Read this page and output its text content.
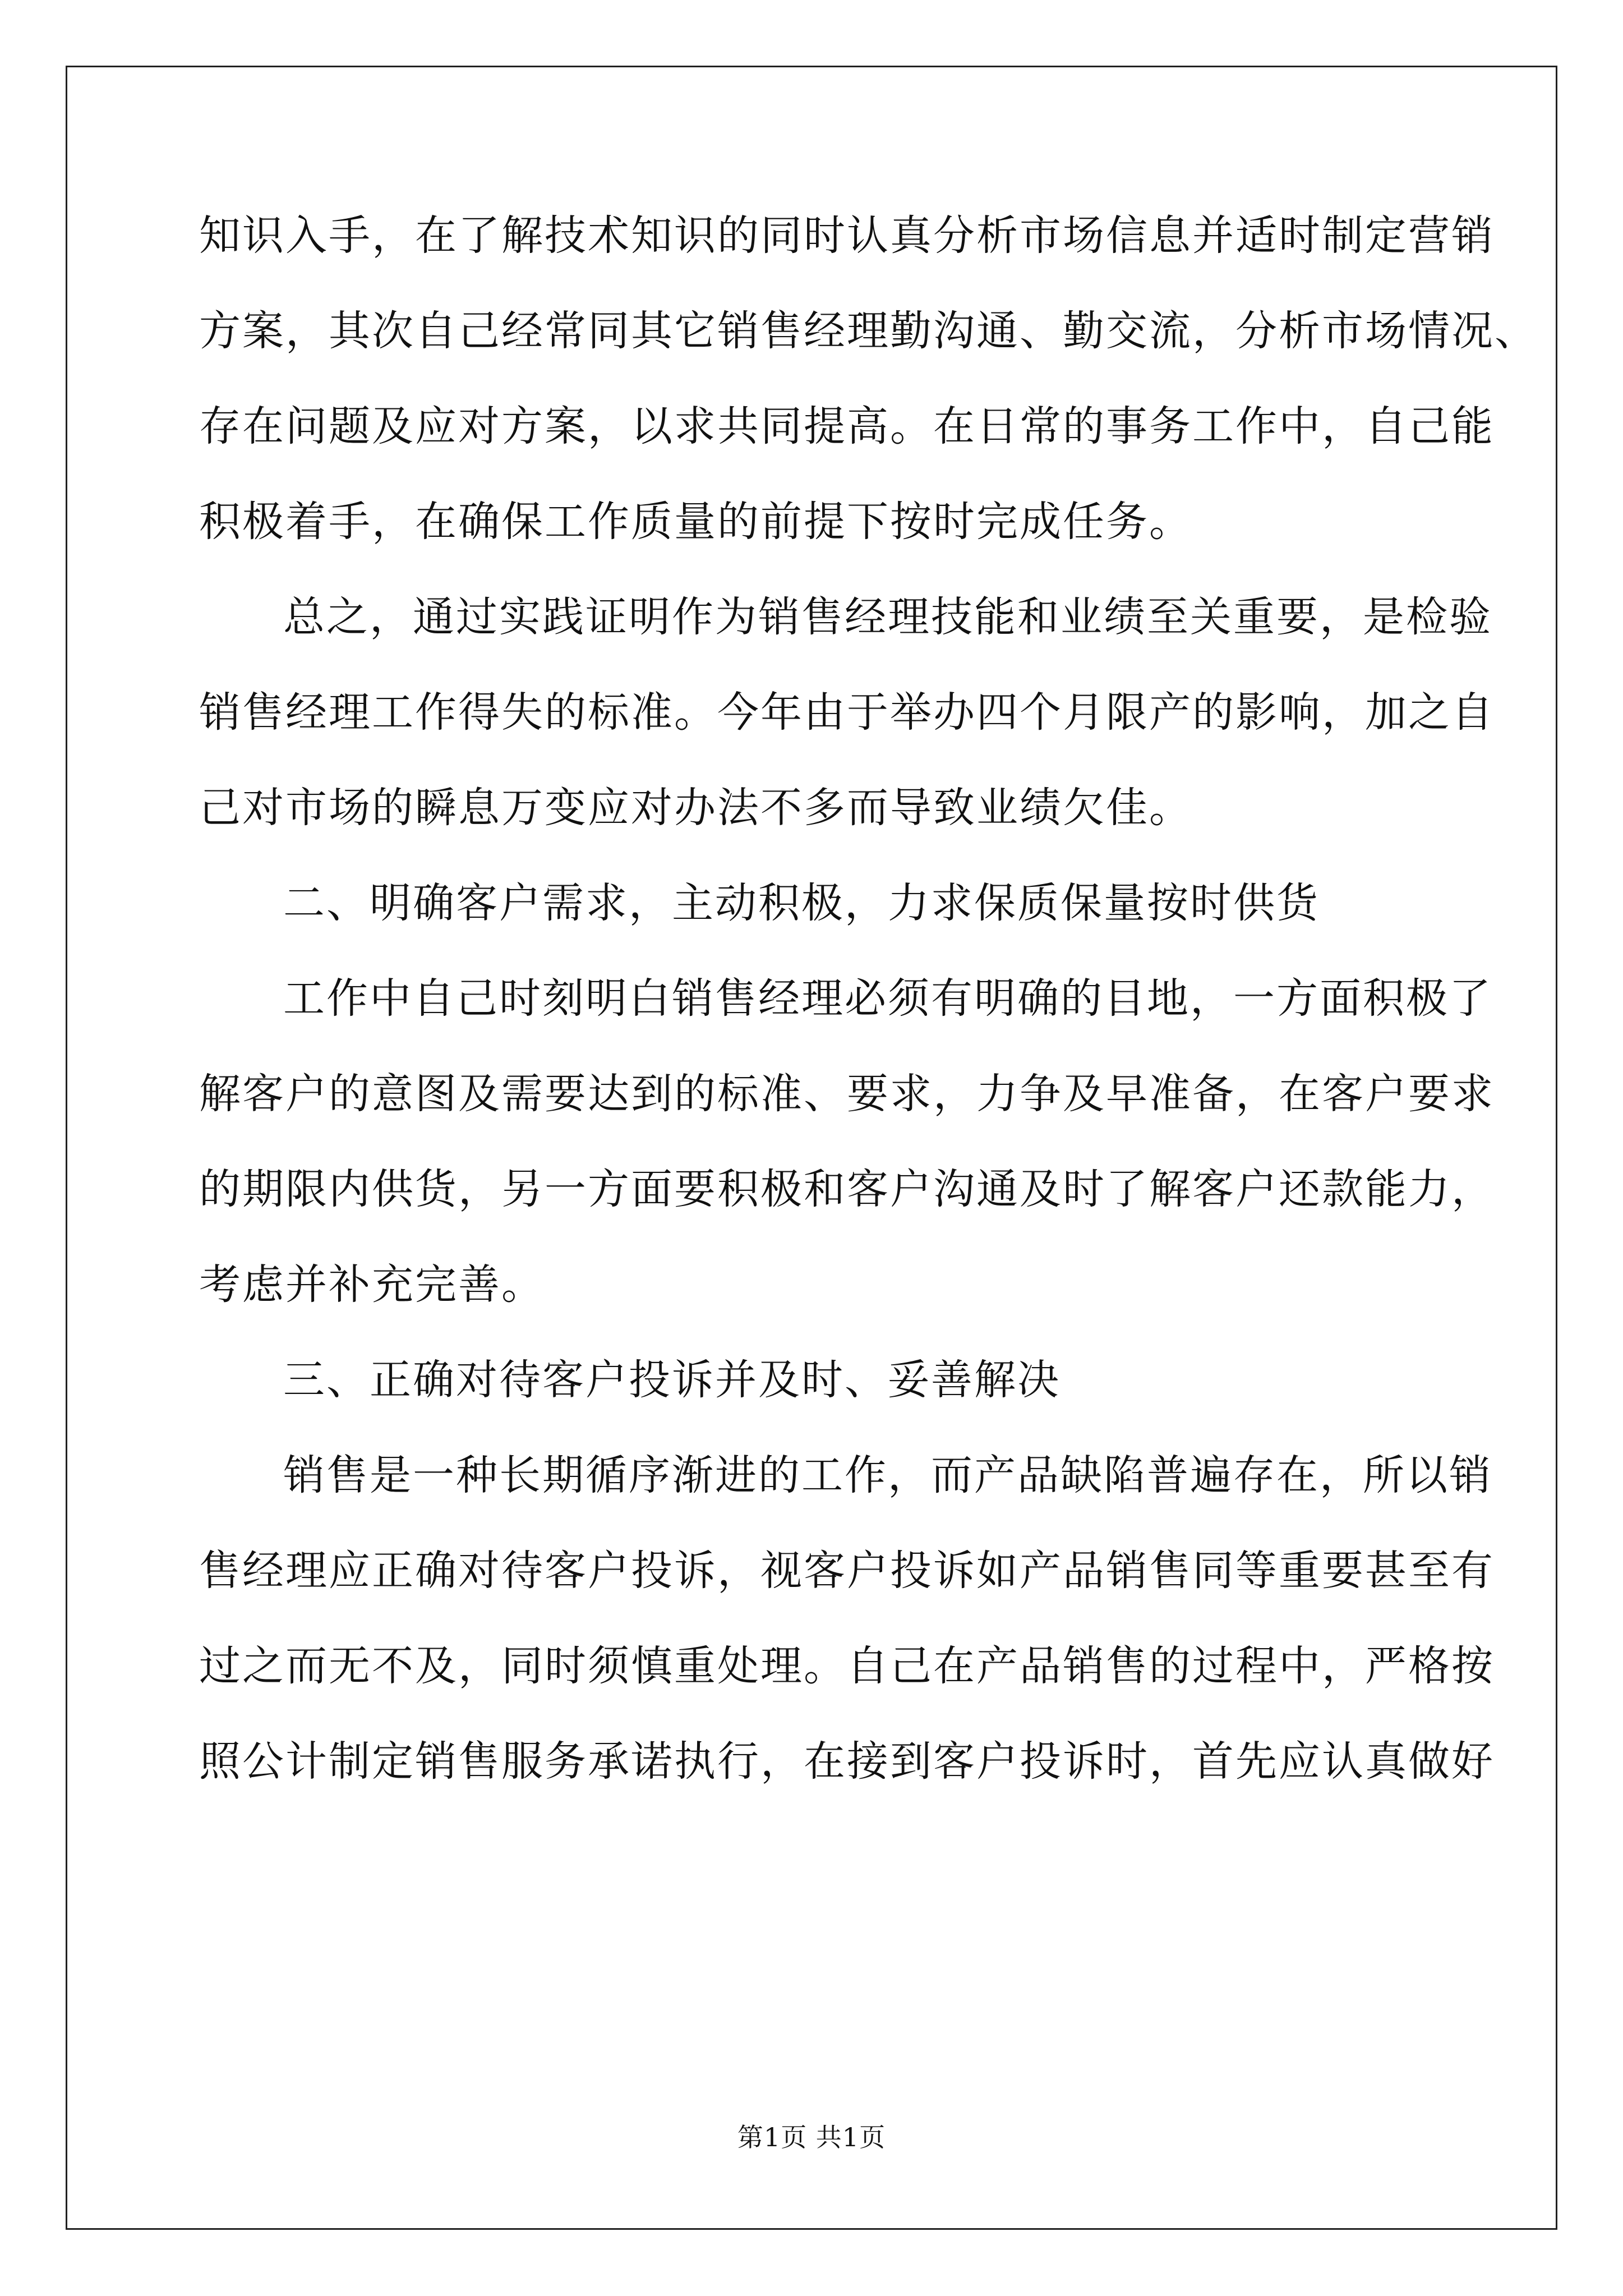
知识入手，在了解技术知识的同时认真分析市场信息并适时制定营销
方案，其次自己经常同其它销售经理勤沟通、勤交流，分析市场情况、
存在问题及应对方案，以求共同提高。在日常的事务工作中，自己能
积极着手，在确保工作质量的前提下按时完成任务。
总之，通过实践证明作为销售经理技能和业绩至关重要，是检验
销售经理工作得失的标准。今年由于举办四个月限产的影响，加之自
己对市场的瞬息万变应对办法不多而导致业绩欠佳。
二、明确客户需求，主动积极，力求保质保量按时供货
工作中自己时刻明白销售经理必须有明确的目地，一方面积极了
解客户的意图及需要达到的标准、要求，力争及早准备，在客户要求
的期限内供货，另一方面要积极和客户沟通及时了解客户还款能力，
考虑并补充完善。
三、正确对待客户投诉并及时、妥善解决
销售是一种长期循序渐进的工作，而产品缺陷普遍存在，所以销
售经理应正确对待客户投诉，视客户投诉如产品销售同等重要甚至有
过之而无不及，同时须慎重处理。自己在产品销售的过程中，严格按
照公计制定销售服务承诺执行，在接到客户投诉时，首先应认真做好
第1页 共1页
